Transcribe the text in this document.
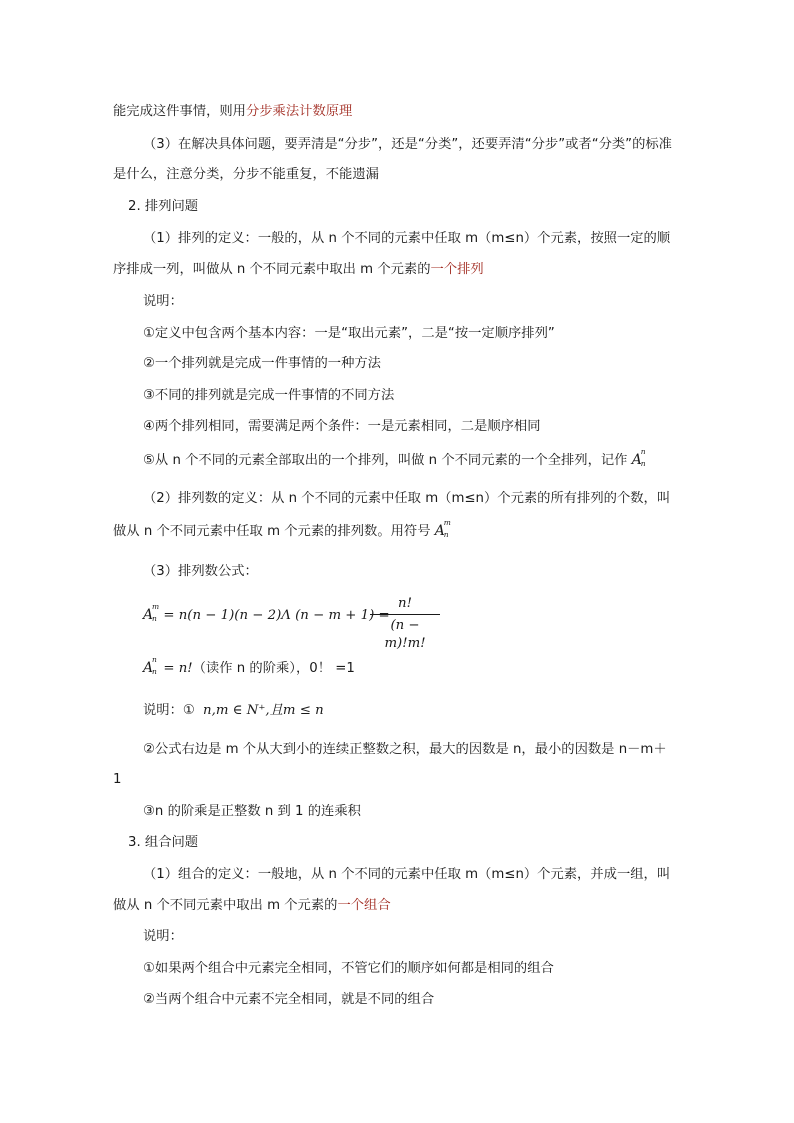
能完成这件事情，则用分步乘法计数原理
（3）在解决具体问题，要弄清是“分步”，还是“分类”，还要弄清“分步”或者“分类”的标准
是什么，注意分类，分步不能重复，不能遗漏
2. 排列问题
（1）排列的定义：一般的，从 n 个不同的元素中任取 m（m≤n）个元素，按照一定的顺
序排成一列，叫做从 n 个不同元素中取出 m 个元素的一个排列
说明：
①定义中包含两个基本内容：一是“取出元素”，二是“按一定顺序排列”
②一个排列就是完成一件事情的一种方法
③不同的排列就是完成一件事情的不同方法
④两个排列相同，需要满足两个条件：一是元素相同，二是顺序相同
⑤从 n 个不同的元素全部取出的一个排列，叫做 n 个不同元素的一个全排列，记作 A
n
n
（2）排列数的定义：从 n 个不同的元素中任取 m（m≤n）个元素的所有排列的个数，叫
做从 n 个不同元素中任取 m 个元素的排列数。用符号 A
m
n
（3）排列数公式：
A
m
n = n(n − 1)(n − 2)Λ (n − m + 1) =
n!
(n − m)!m!
A
n
n = n!（读作 n 的阶乘），0！ =1
说明：① n,m ∈ N⁺,且m ≤ n
②公式右边是 m 个从大到小的连续正整数之积，最大的因数是 n，最小的因数是 n－m＋
1
③n 的阶乘是正整数 n 到 1 的连乘积
3. 组合问题
（1）组合的定义：一般地，从 n 个不同的元素中任取 m（m≤n）个元素，并成一组，叫
做从 n 个不同元素中取出 m 个元素的一个组合
说明：
①如果两个组合中元素完全相同，不管它们的顺序如何都是相同的组合
②当两个组合中元素不完全相同，就是不同的组合
